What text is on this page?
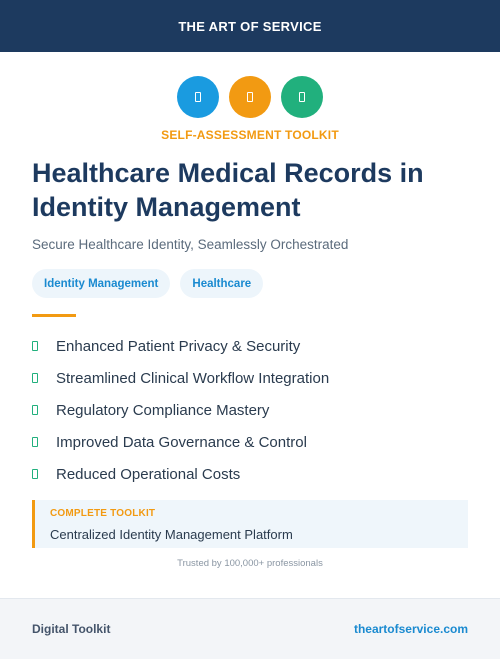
THE ART OF SERVICE
SELF-ASSESSMENT TOOLKIT
Healthcare Medical Records in Identity Management
Secure Healthcare Identity, Seamlessly Orchestrated
Identity Management	Healthcare
Enhanced Patient Privacy & Security
Streamlined Clinical Workflow Integration
Regulatory Compliance Mastery
Improved Data Governance & Control
Reduced Operational Costs
COMPLETE TOOLKIT
Centralized Identity Management Platform
Trusted by 100,000+ professionals
Digital Toolkit	theartofservice.com
